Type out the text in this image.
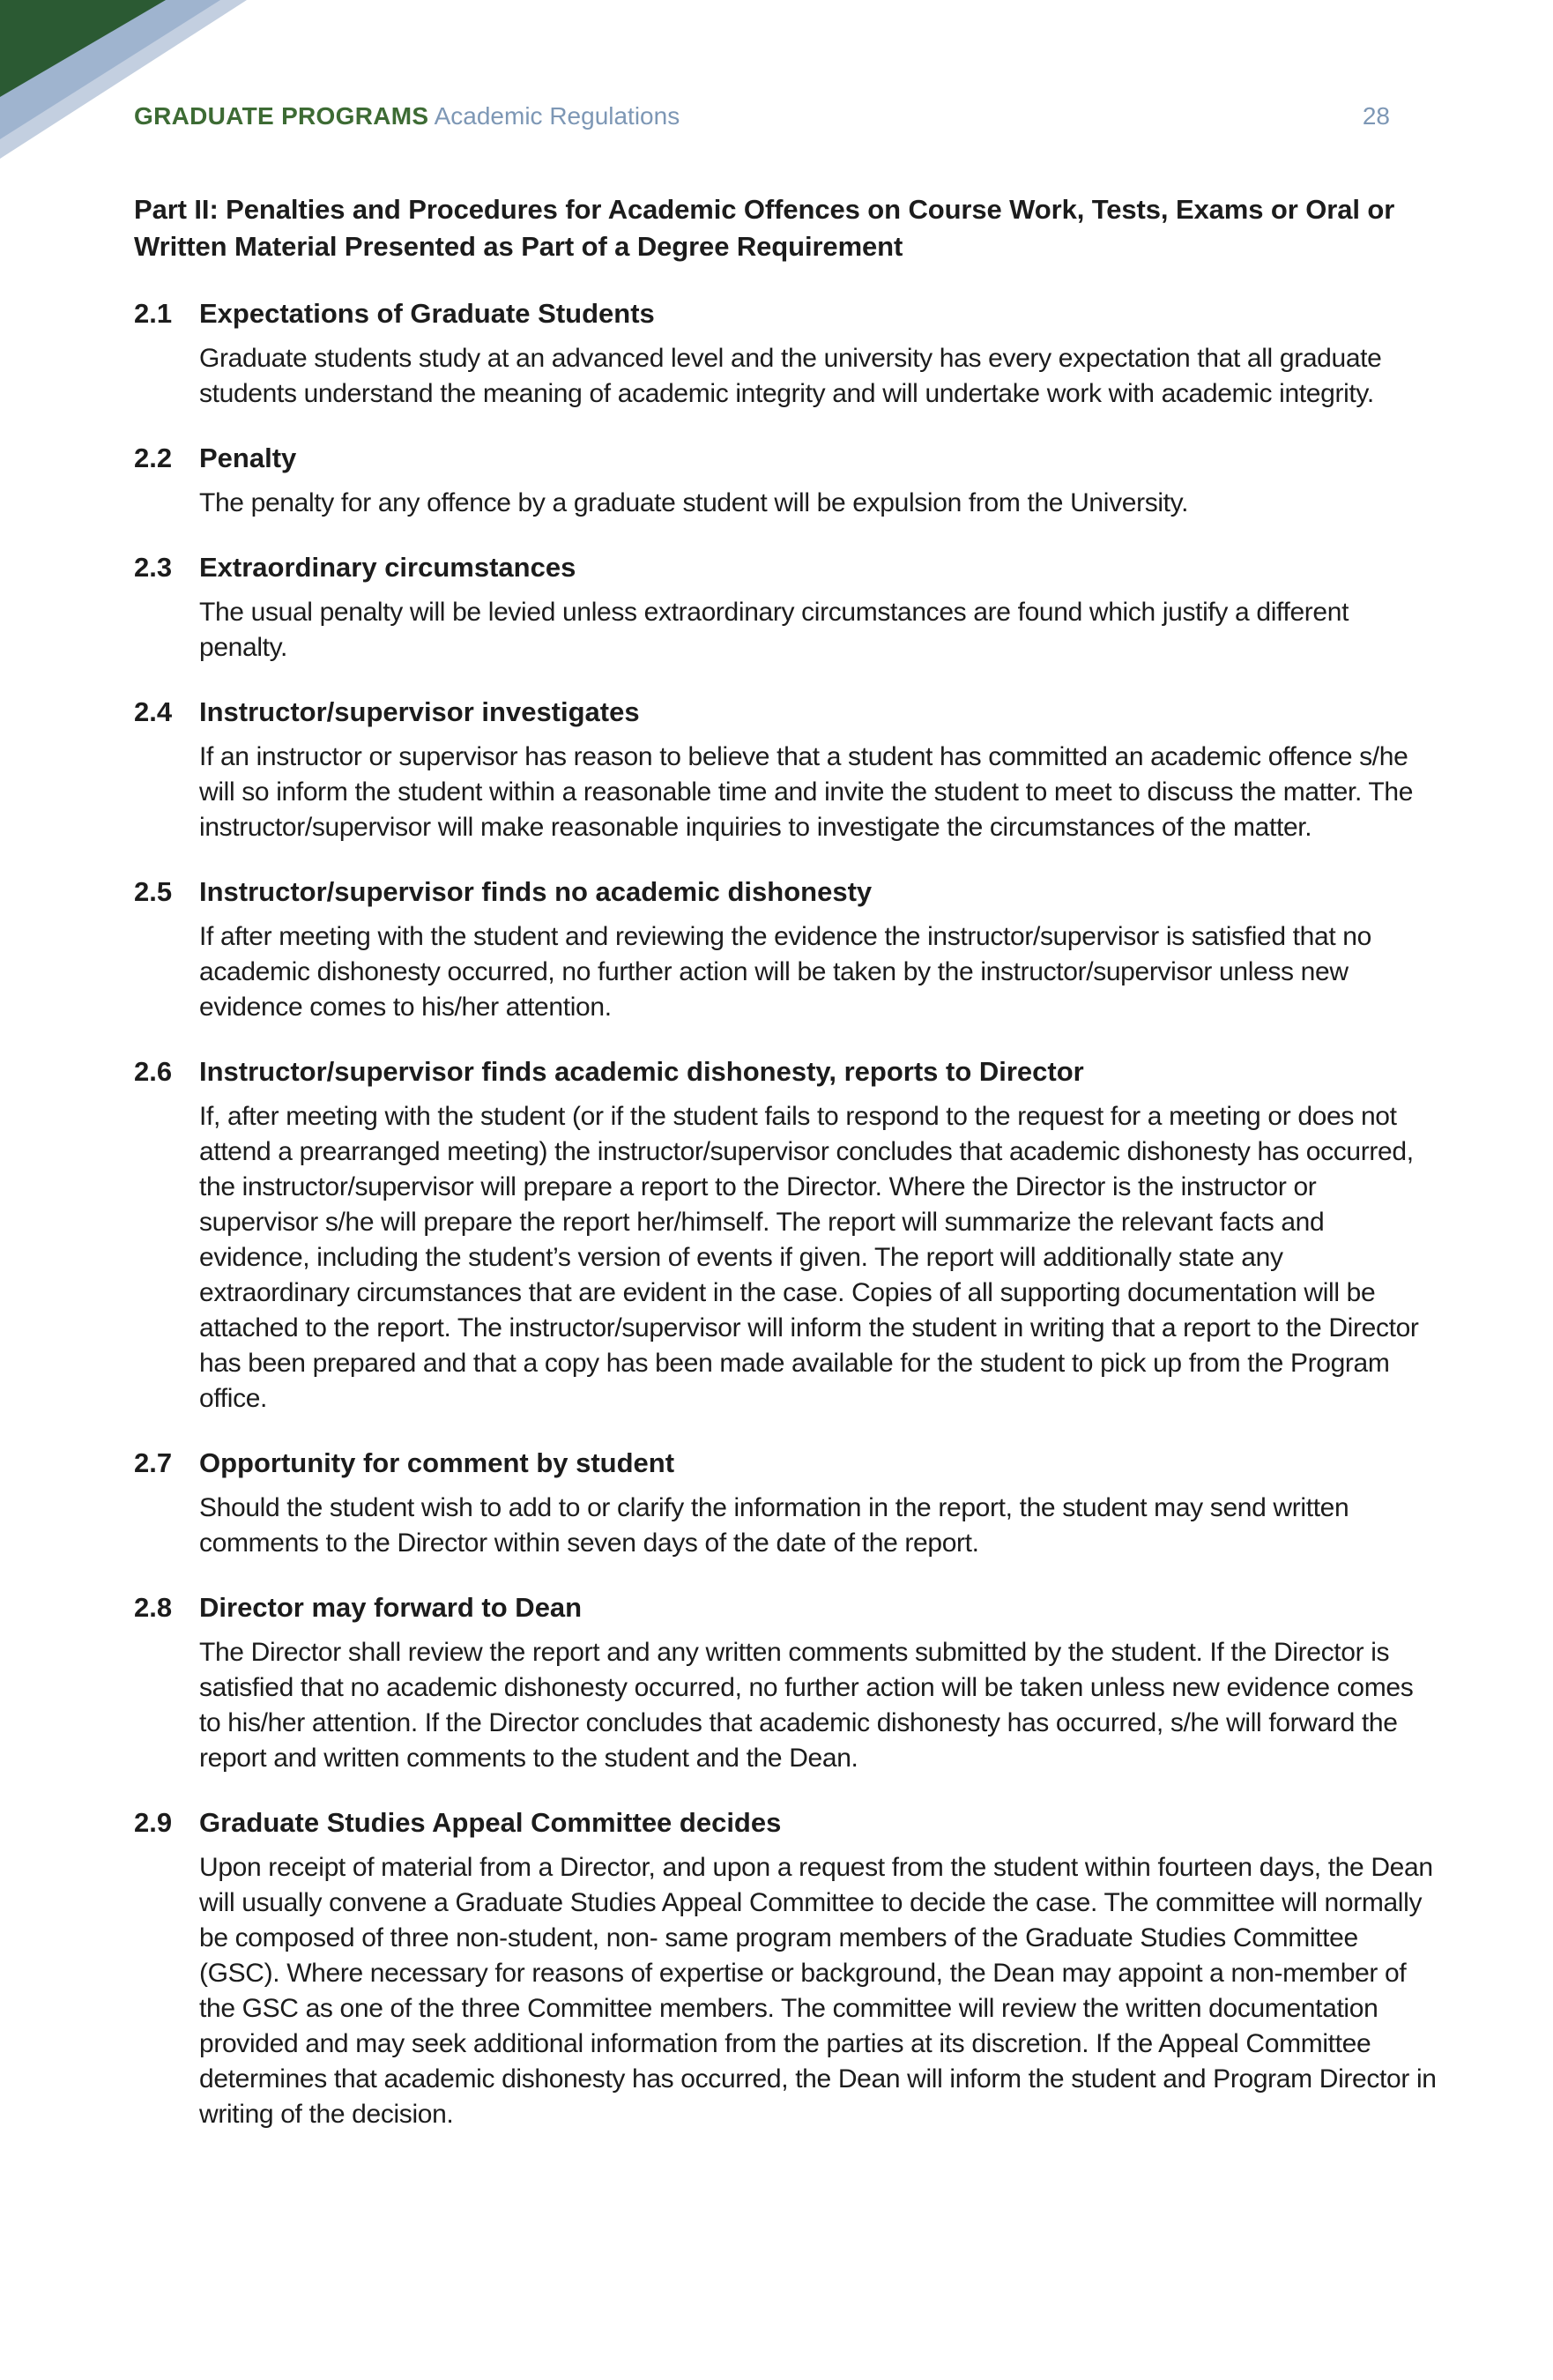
GRADUATE PROGRAMS Academic Regulations	28
Part II: Penalties and Procedures for Academic Offences on Course Work, Tests, Exams or Oral or Written Material Presented as Part of a Degree Requirement
2.1 Expectations of Graduate Students
Graduate students study at an advanced level and the university has every expectation that all graduate students understand the meaning of academic integrity and will undertake work with academic integrity.
2.2 Penalty
The penalty for any offence by a graduate student will be expulsion from the University.
2.3 Extraordinary circumstances
The usual penalty will be levied unless extraordinary circumstances are found which justify a different penalty.
2.4 Instructor/supervisor investigates
If an instructor or supervisor has reason to believe that a student has committed an academic offence s/he will so inform the student within a reasonable time and invite the student to meet to discuss the matter. The instructor/supervisor will make reasonable inquiries to investigate the circumstances of the matter.
2.5 Instructor/supervisor finds no academic dishonesty
If after meeting with the student and reviewing the evidence the instructor/supervisor is satisfied that no academic dishonesty occurred, no further action will be taken by the instructor/supervisor unless new evidence comes to his/her attention.
2.6 Instructor/supervisor finds academic dishonesty, reports to Director
If, after meeting with the student (or if the student fails to respond to the request for a meeting or does not attend a prearranged meeting) the instructor/supervisor concludes that academic dishonesty has occurred, the instructor/supervisor will prepare a report to the Director. Where the Director is the instructor or supervisor s/he will prepare the report her/himself. The report will summarize the relevant facts and evidence, including the student’s version of events if given. The report will additionally state any extraordinary circumstances that are evident in the case. Copies of all supporting documentation will be attached to the report. The instructor/supervisor will inform the student in writing that a report to the Director has been prepared and that a copy has been made available for the student to pick up from the Program office.
2.7 Opportunity for comment by student
Should the student wish to add to or clarify the information in the report, the student may send written comments to the Director within seven days of the date of the report.
2.8 Director may forward to Dean
The Director shall review the report and any written comments submitted by the student. If the Director is satisfied that no academic dishonesty occurred, no further action will be taken unless new evidence comes to his/her attention. If the Director concludes that academic dishonesty has occurred, s/he will forward the report and written comments to the student and the Dean.
2.9 Graduate Studies Appeal Committee decides
Upon receipt of material from a Director, and upon a request from the student within fourteen days, the Dean will usually convene a Graduate Studies Appeal Committee to decide the case. The committee will normally be composed of three non-student, non- same program members of the Graduate Studies Committee (GSC). Where necessary for reasons of expertise or background, the Dean may appoint a non-member of the GSC as one of the three Committee members. The committee will review the written documentation provided and may seek additional information from the parties at its discretion. If the Appeal Committee determines that academic dishonesty has occurred, the Dean will inform the student and Program Director in writing of the decision.
